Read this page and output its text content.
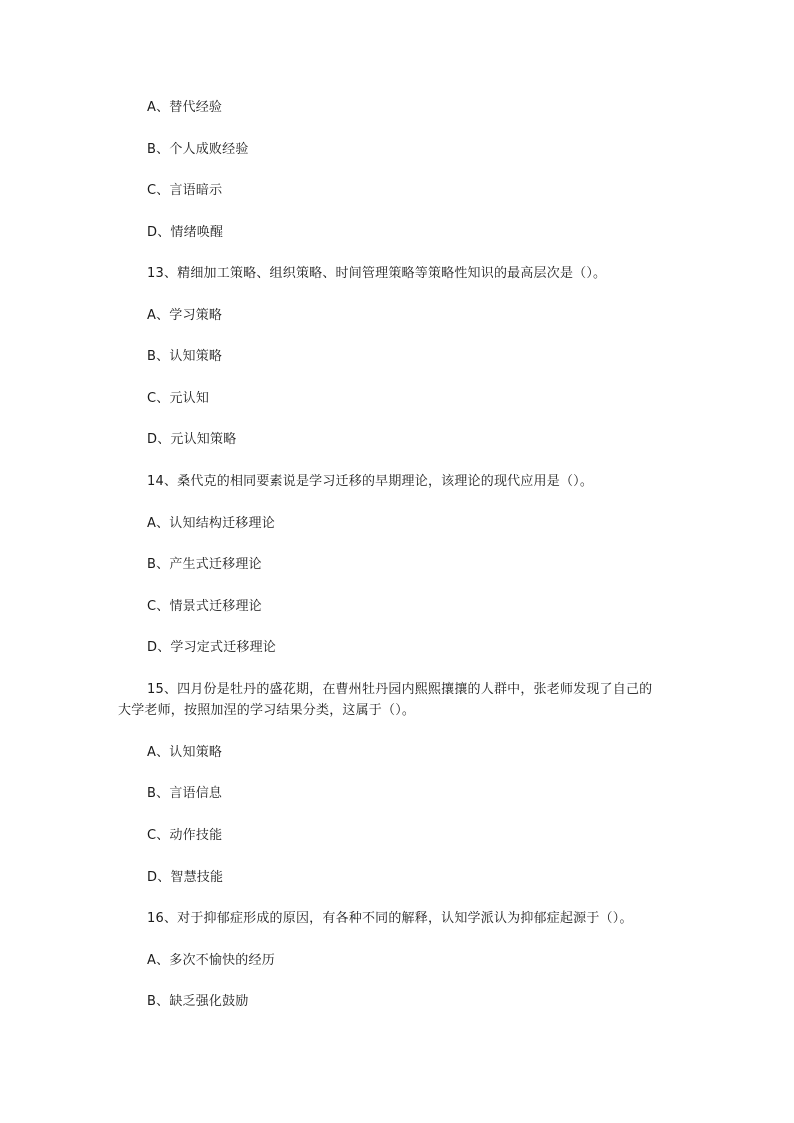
A、替代经验
B、个人成败经验
C、言语暗示
D、情绪唤醒
13、精细加工策略、组织策略、时间管理策略等策略性知识的最高层次是（）。
A、学习策略
B、认知策略
C、元认知
D、元认知策略
14、桑代克的相同要素说是学习迁移的早期理论，该理论的现代应用是（）。
A、认知结构迁移理论
B、产生式迁移理论
C、情景式迁移理论
D、学习定式迁移理论
15、四月份是牡丹的盛花期，在曹州牡丹园内熙熙攘攘的人群中，张老师发现了自己的大学老师，按照加涅的学习结果分类，这属于（）。
A、认知策略
B、言语信息
C、动作技能
D、智慧技能
16、对于抑郁症形成的原因，有各种不同的解释，认知学派认为抑郁症起源于（）。
A、多次不愉快的经历
B、缺乏强化鼓励
